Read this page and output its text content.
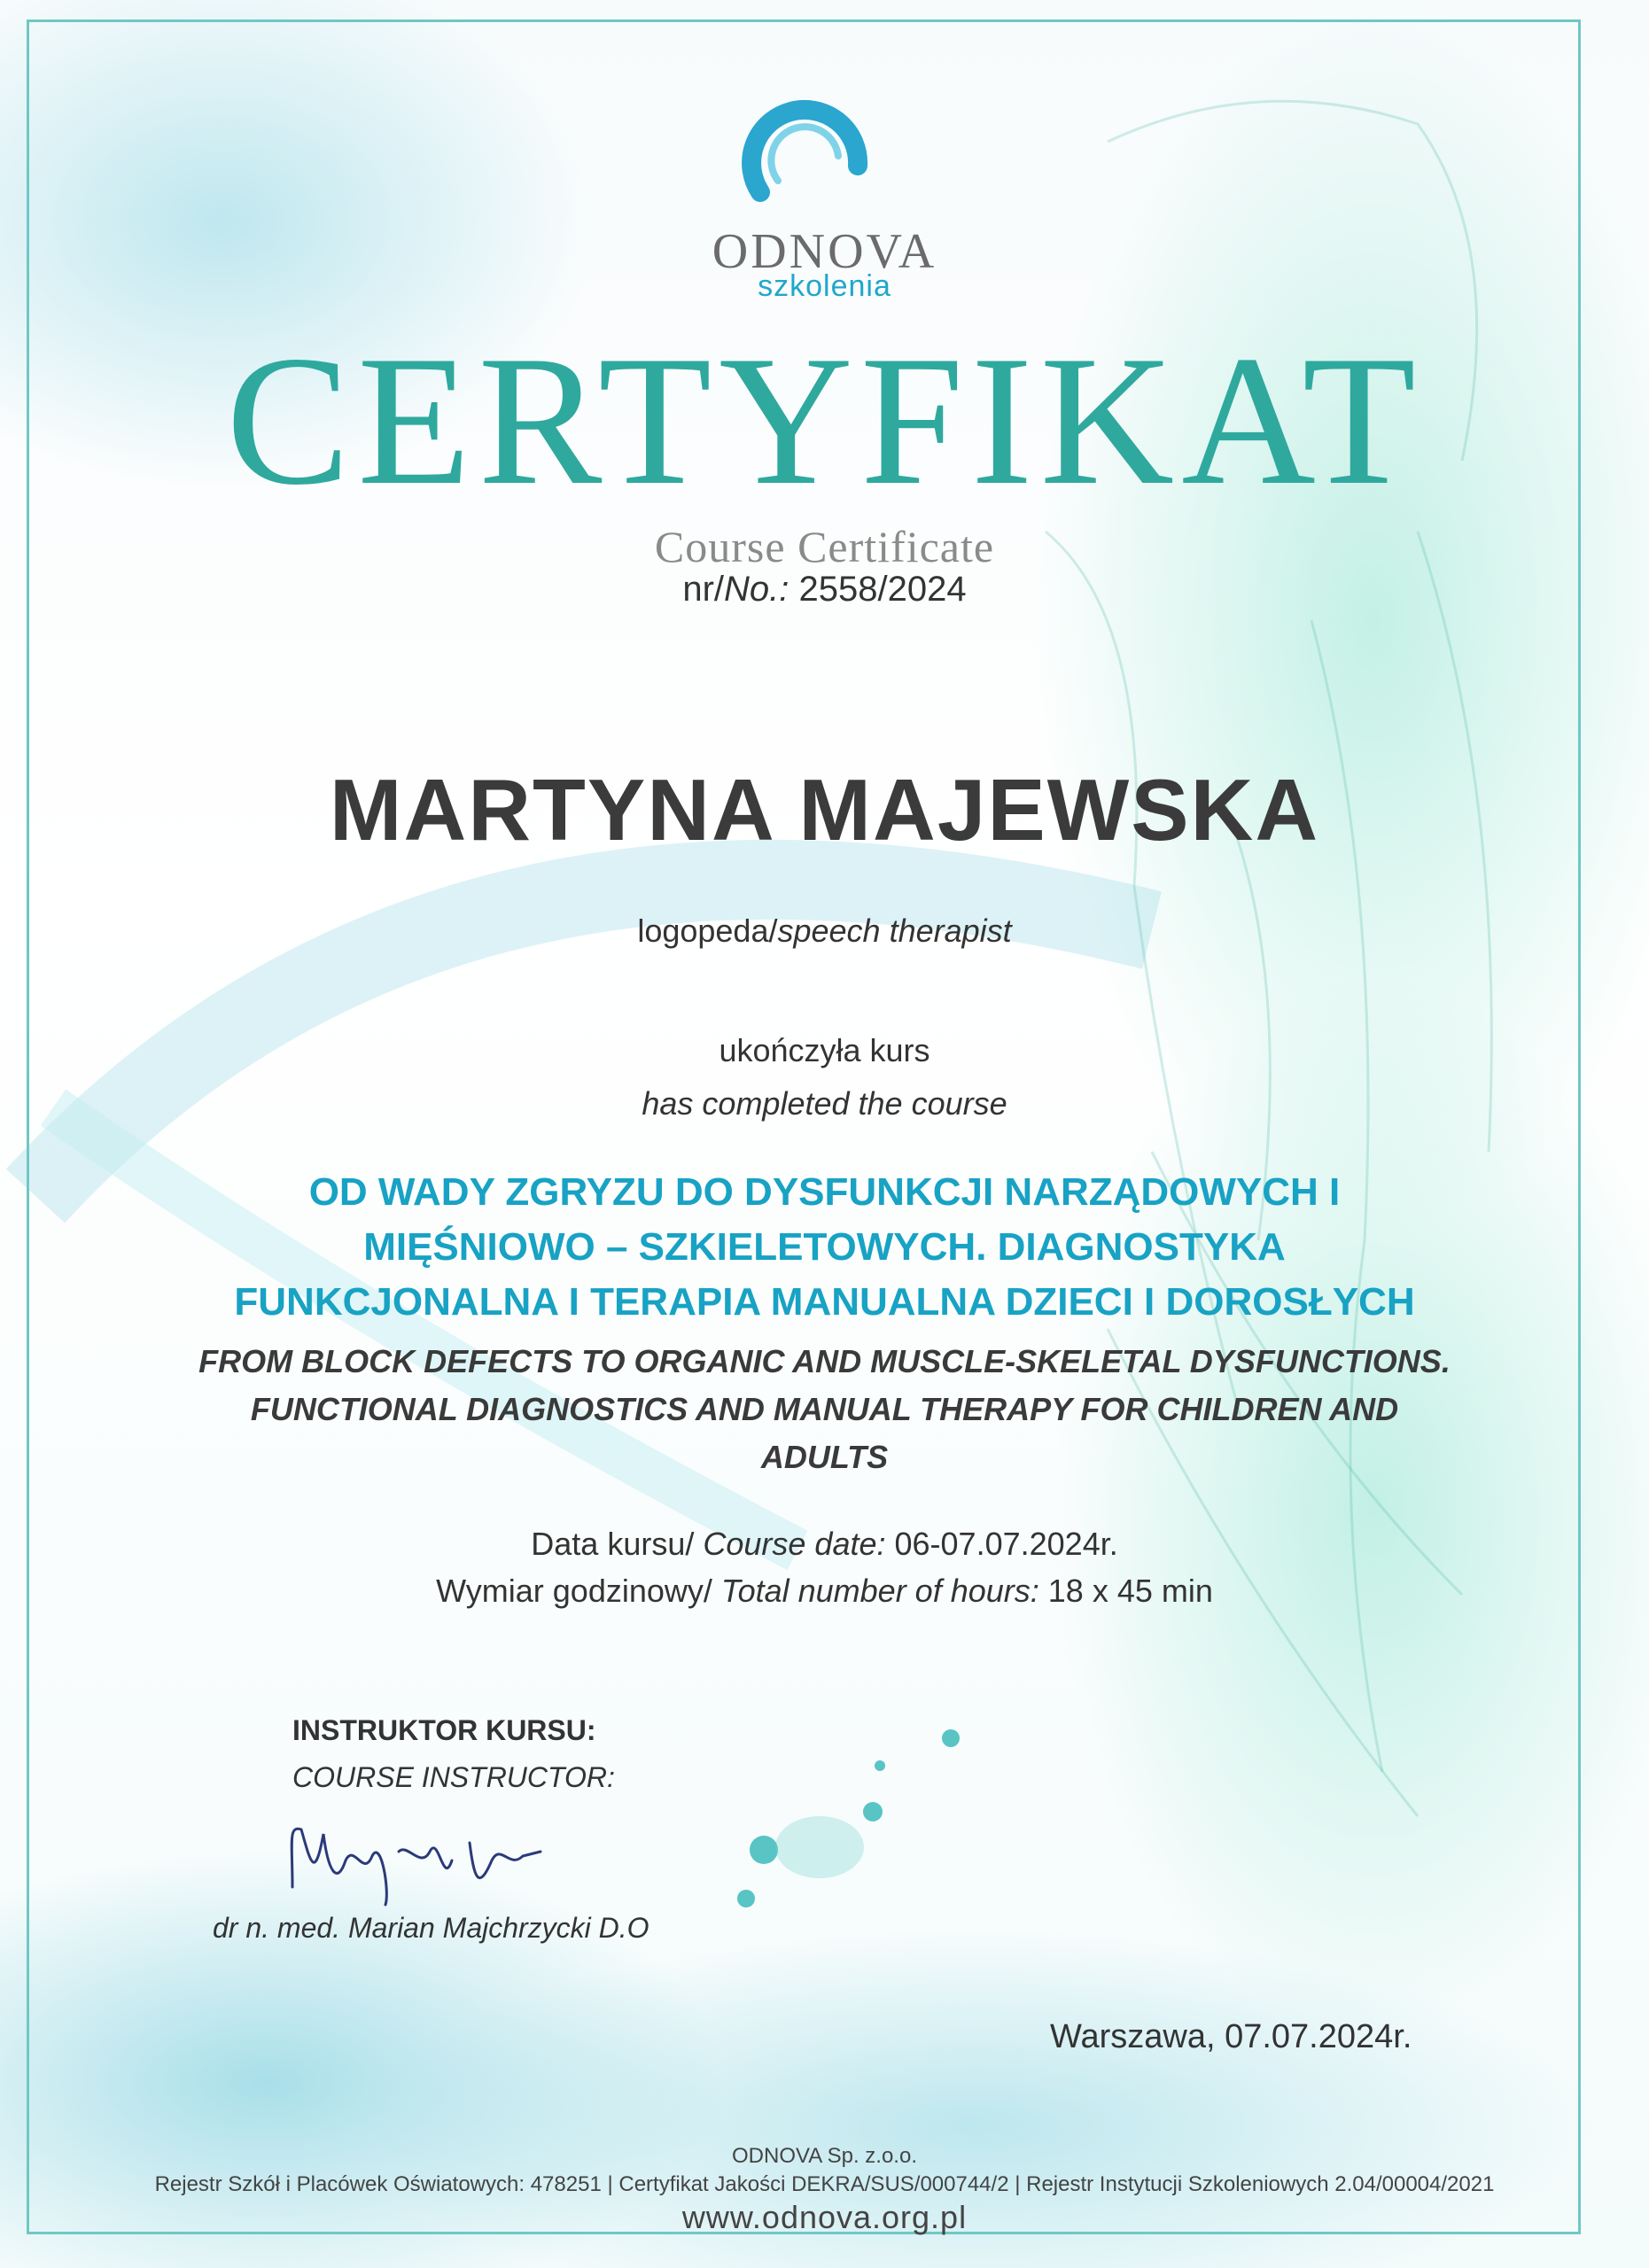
ODNOVA
szkolenia
CERTYFIKAT
Course Certificate
nr/No.: 2558/2024
MARTYNA MAJEWSKA
logopeda/speech therapist
ukończyła kurs
has completed the course
OD WADY ZGRYZU DO DYSFUNKCJI NARZĄDOWYCH I
MIĘŚNIOWO – SZKIELETOWYCH. DIAGNOSTYKA
FUNKCJONALNA I TERAPIA MANUALNA DZIECI I DOROSŁYCH
FROM BLOCK DEFECTS TO ORGANIC AND MUSCLE-SKELETAL DYSFUNCTIONS.
FUNCTIONAL DIAGNOSTICS AND MANUAL THERAPY FOR CHILDREN AND
ADULTS
Data kursu/ Course date: 06-07.07.2024r.
Wymiar godzinowy/ Total number of hours: 18 x 45 min
INSTRUKTOR KURSU:
COURSE INSTRUCTOR:
dr n. med. Marian Majchrzycki D.O
Warszawa, 07.07.2024r.
ODNOVA Sp. z.o.o.
Rejestr Szkół i Placówek Oświatowych: 478251 | Certyfikat Jakości DEKRA/SUS/000744/2 | Rejestr Instytucji Szkoleniowych 2.04/00004/2021
www.odnova.org.pl
